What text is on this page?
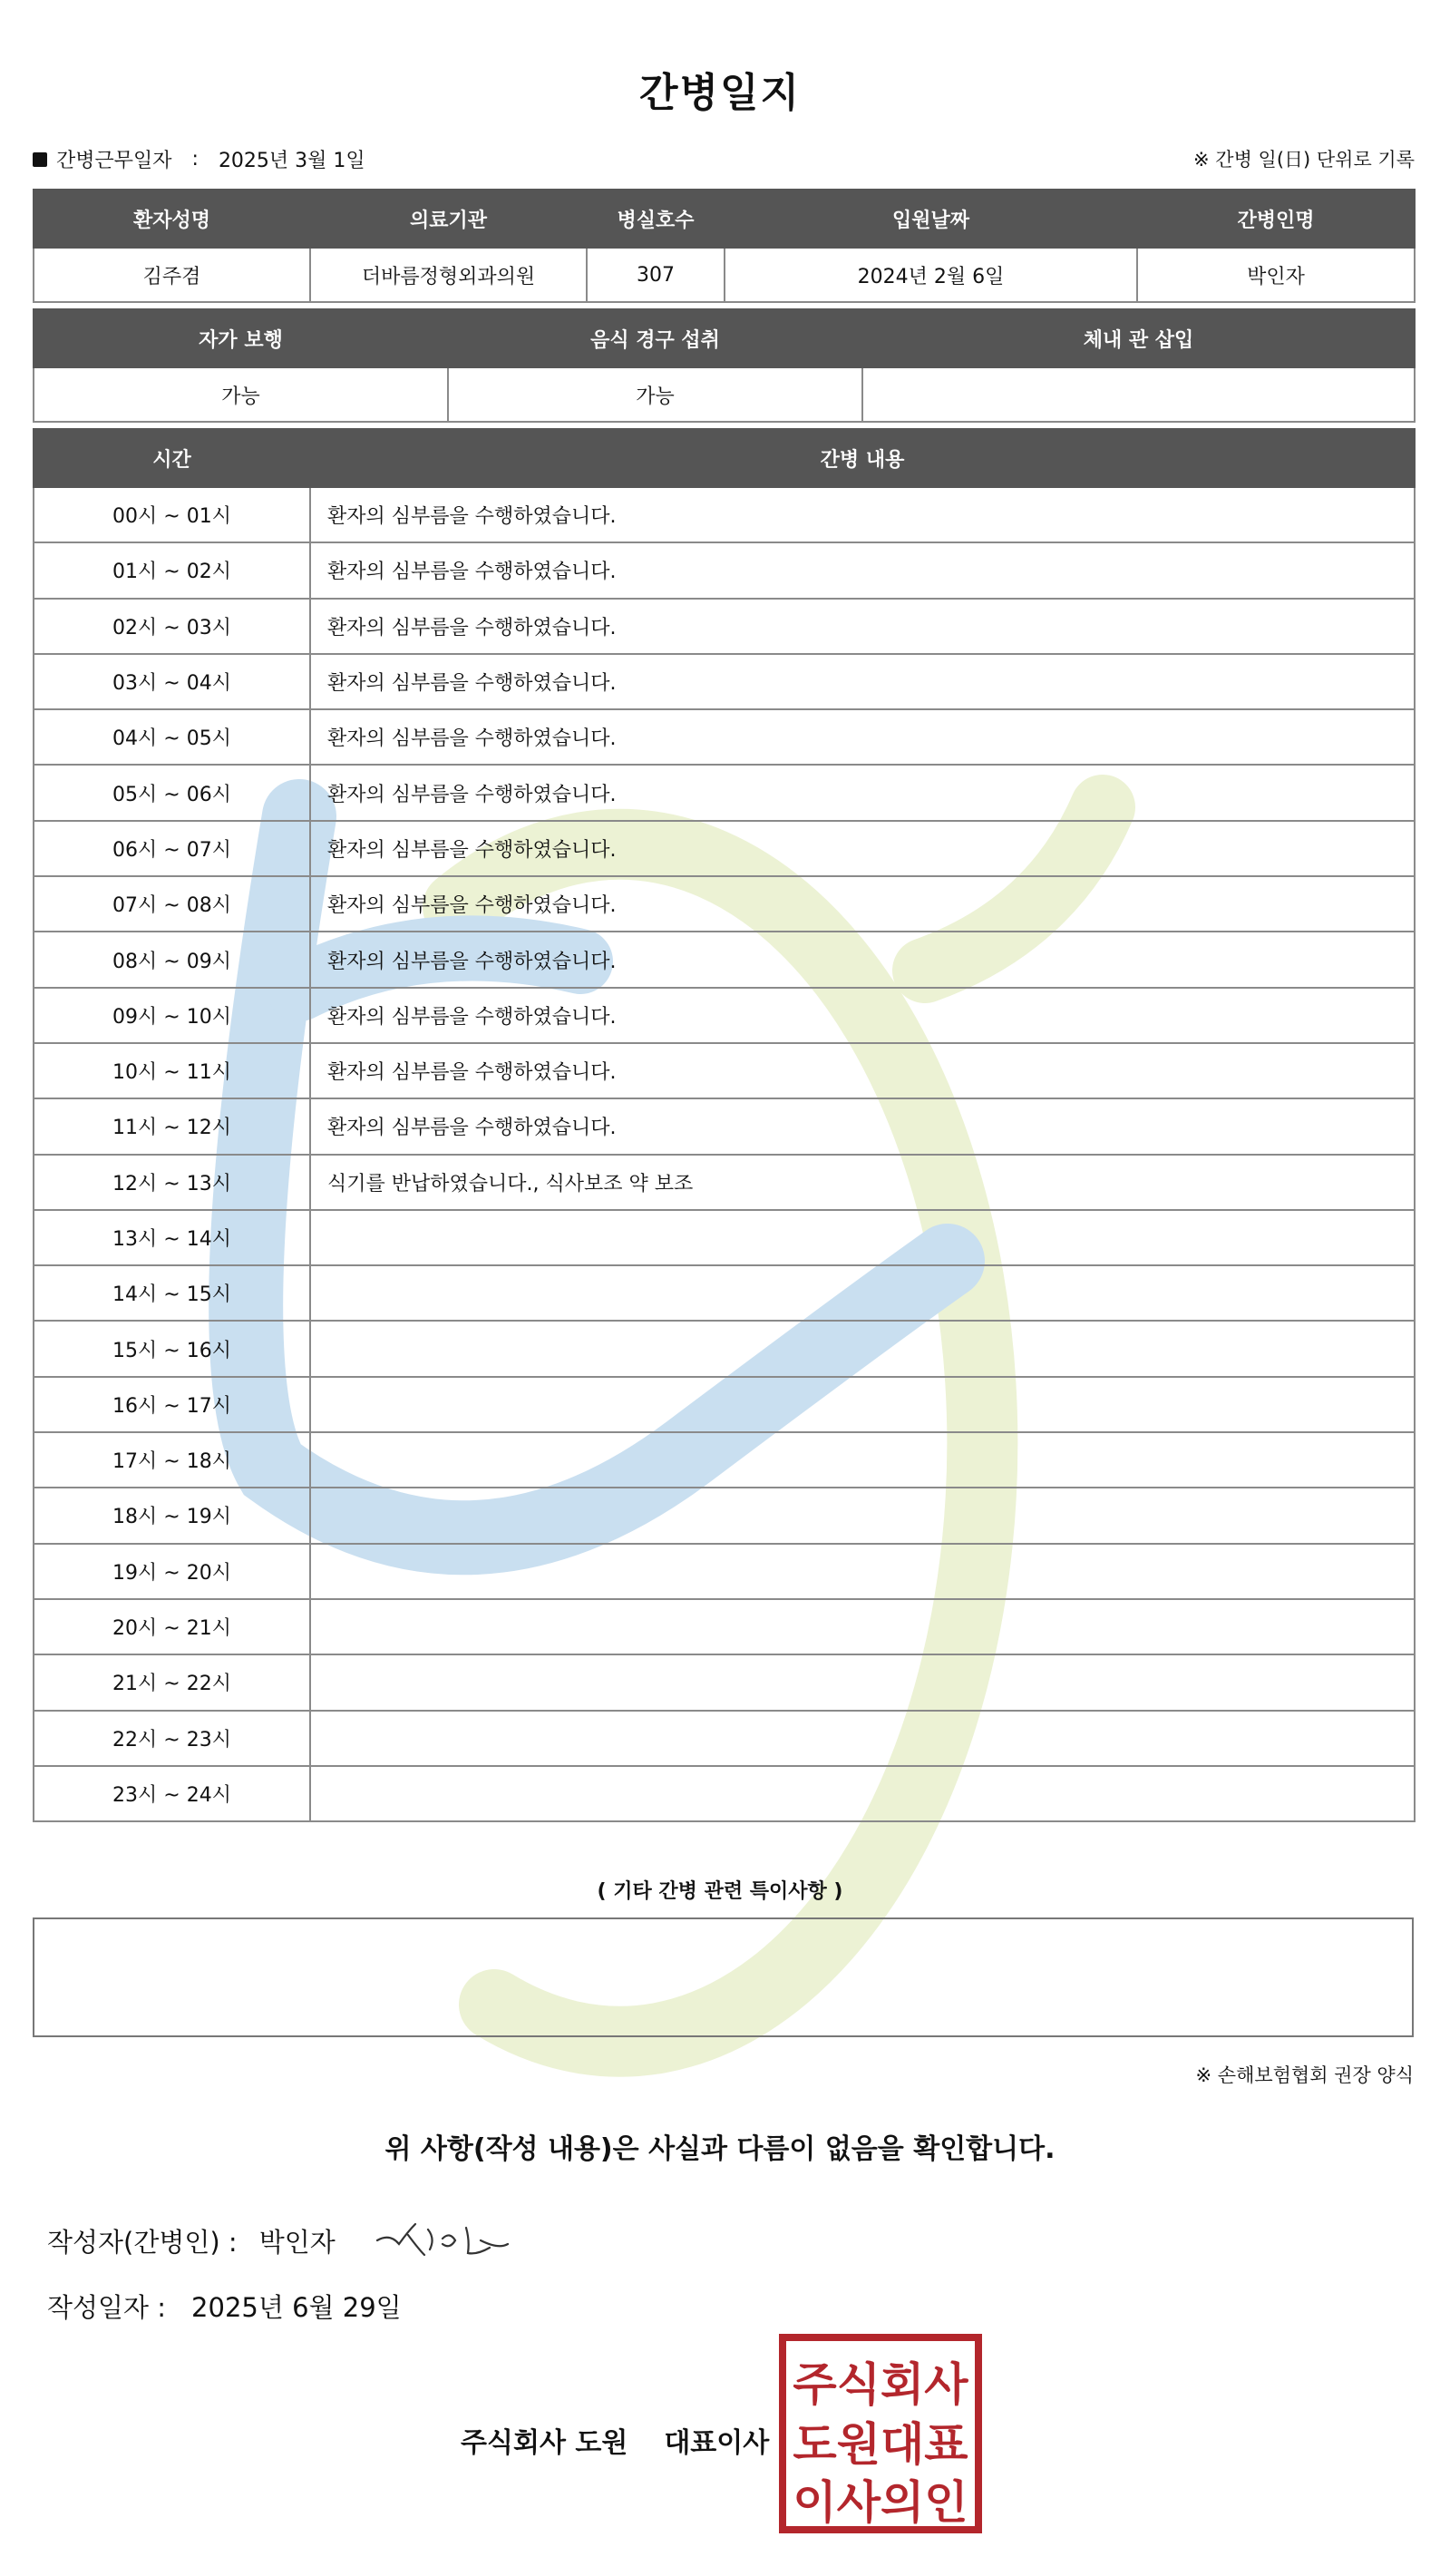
간병일지
간병근무일자 : 2025년 3월 1일	※ 간병 일(日) 단위로 기록
환자성명	의료기관	병실호수	입원날짜	간병인명
김주겸	더바름정형외과의원	307	2024년 2월 6일	박인자
자가 보행	음식 경구 섭취	체내 관 삽입
가능	가능	
시간	간병 내용
00시 ~ 01시	환자의 심부름을 수행하였습니다.
01시 ~ 02시	환자의 심부름을 수행하였습니다.
02시 ~ 03시	환자의 심부름을 수행하였습니다.
03시 ~ 04시	환자의 심부름을 수행하였습니다.
04시 ~ 05시	환자의 심부름을 수행하였습니다.
05시 ~ 06시	환자의 심부름을 수행하였습니다.
06시 ~ 07시	환자의 심부름을 수행하였습니다.
07시 ~ 08시	환자의 심부름을 수행하였습니다.
08시 ~ 09시	환자의 심부름을 수행하였습니다.
09시 ~ 10시	환자의 심부름을 수행하였습니다.
10시 ~ 11시	환자의 심부름을 수행하였습니다.
11시 ~ 12시	환자의 심부름을 수행하였습니다.
12시 ~ 13시	식기를 반납하였습니다., 식사보조 약 보조
13시 ~ 14시	
14시 ~ 15시	
15시 ~ 16시	
16시 ~ 17시	
17시 ~ 18시	
18시 ~ 19시	
19시 ~ 20시	
20시 ~ 21시	
21시 ~ 22시	
22시 ~ 23시	
23시 ~ 24시	
( 기타 간병 관련 특이사항 )
※ 손해보험협회 권장 양식
위 사항(작성 내용)은 사실과 다름이 없음을 확인합니다.
작성자(간병인) : 박인자
작성일자 : 2025년 6월 29일
주식회사 도원 대표이사
주식회사
도원대표
이사의인
